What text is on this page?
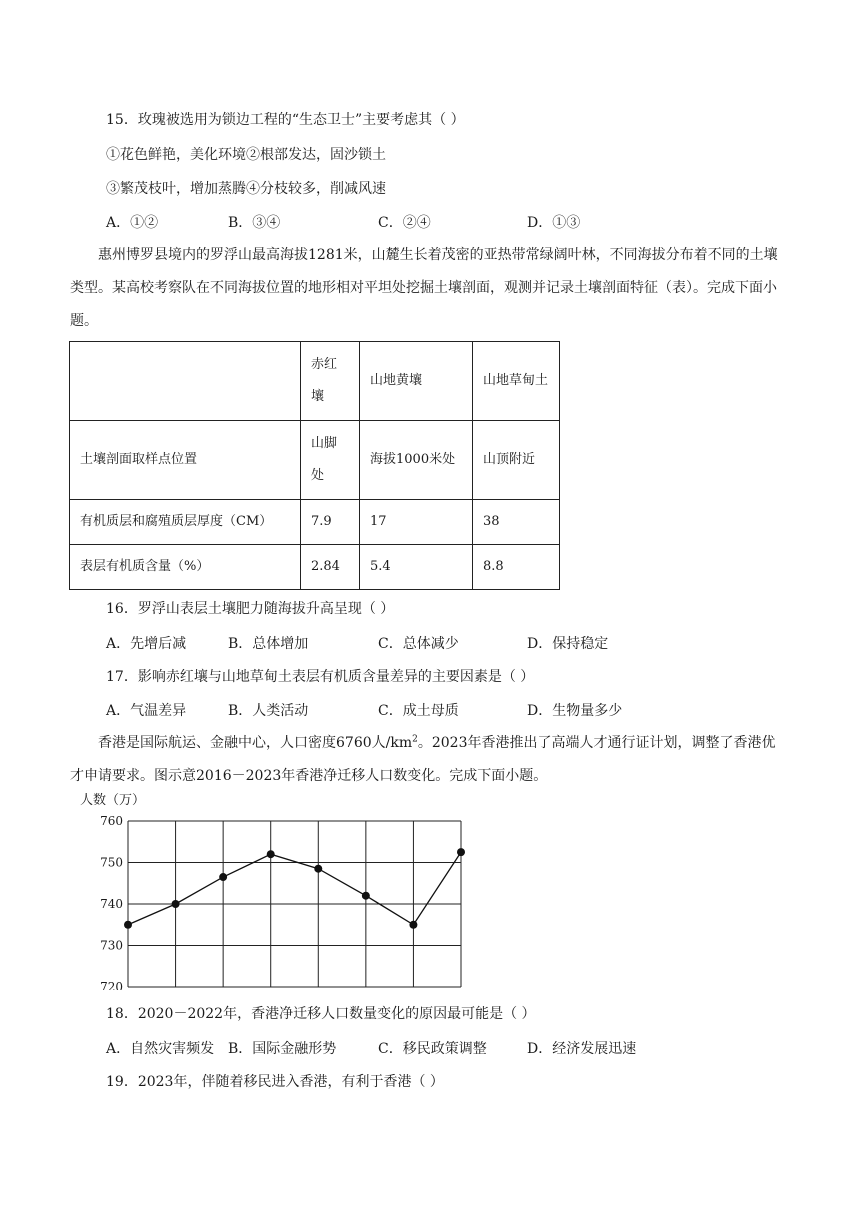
15．玫瑰被选用为锁边工程的“生态卫士”主要考虑其（ ）
①花色鲜艳，美化环境②根部发达，固沙锁土
③繁茂枝叶，增加蒸腾④分枝较多，削减风速
A．①②	B．③④	C．②④	D．①③

惠州博罗县境内的罗浮山最高海拔1281米，山麓生长着茂密的亚热带常绿阔叶林，不同海拔分布着不同的土壤类型。某高校考察队在不同海拔位置的地形相对平坦处挖掘土壤剖面，观测并记录土壤剖面特征（表）。完成下面小题。

	赤红壤	山地黄壤	山地草甸土
土壤剖面取样点位置	山脚处	海拔1000米处	山顶附近
有机质层和腐殖质层厚度（CM）	7.9	17	38
表层有机质含量（%）	2.84	5.4	8.8
16．罗浮山表层土壤肥力随海拔升高呈现（ ）
A．先增后减	B．总体增加	C．总体减少	D．保持稳定
17．影响赤红壤与山地草甸土表层有机质含量差异的主要因素是（ ）
A．气温差异	B．人类活动	C．成土母质	D．生物量多少

香港是国际航运、金融中心，人口密度6760人$/km^2$。2023年香港推出了高端人才通行证计划，调整了香港优才申请要求。图示意2016－2023年香港净迁移人口数变化。完成下面小题。

人数（万）
720
730
740
750
760
18．2020－2022年，香港净迁移人口数量变化的原因最可能是（ ）
A．自然灾害频发 B．国际金融形势	C．移民政策调整	D．经济发展迅速
19．2023年，伴随着移民进入香港，有利于香港（ ）
